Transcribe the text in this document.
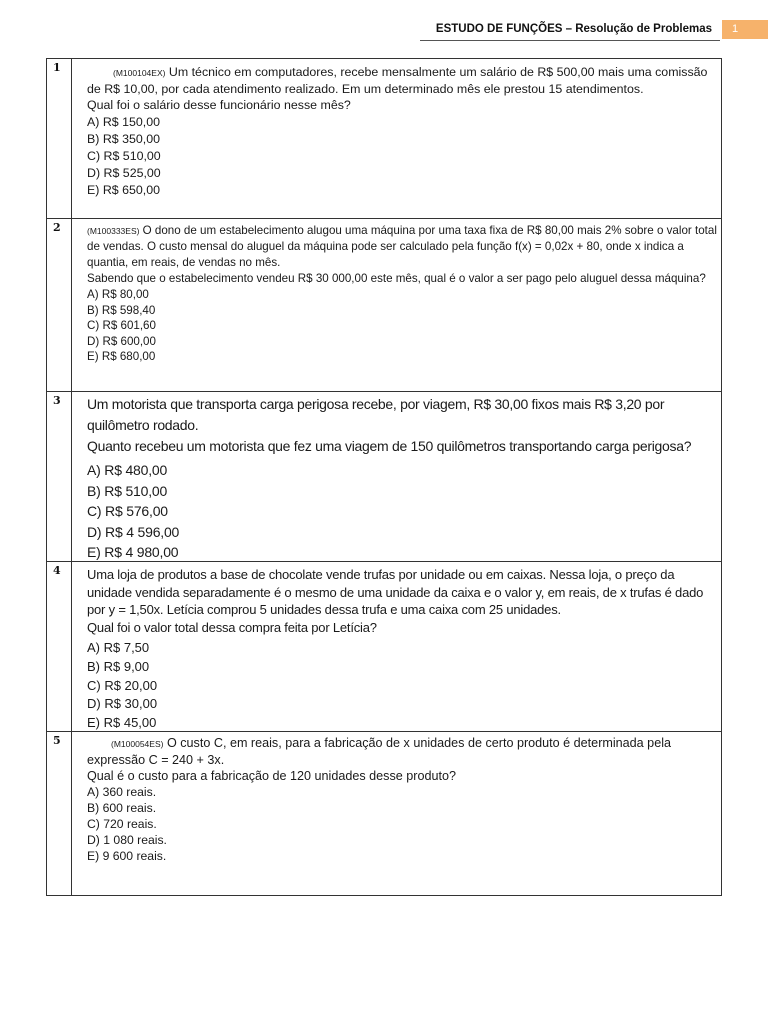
ESTUDO DE FUNÇÕES – Resolução de Problemas 1
1	(M100104EX) Um técnico em computadores, recebe mensalmente um salário de R$ 500,00 mais uma comissão de R$ 10,00, por cada atendimento realizado. Em um determinado mês ele prestou 15 atendimentos.

Qual foi o salário desse funcionário nesse mês?

A) R$ 150,00
B) R$ 350,00
C) R$ 510,00
D) R$ 525,00
E) R$ 650,00
2	(M100333ES) O dono de um estabelecimento alugou uma máquina por uma taxa fixa de R$ 80,00 mais 2% sobre o valor total de vendas. O custo mensal do aluguel da máquina pode ser calculado pela função f(x) = 0,02x + 80, onde x indica a quantia, em reais, de vendas no mês.

Sabendo que o estabelecimento vendeu R$ 30 000,00 este mês, qual é o valor a ser pago pelo aluguel dessa máquina?

A) R$ 80,00
B) R$ 598,40
C) R$ 601,60
D) R$ 600,00
E) R$ 680,00
3 Um motorista que transporta carga perigosa recebe, por viagem, R$ 30,00 fixos mais R$ 3,20 por quilômetro rodado.

Quanto recebeu um motorista que fez uma viagem de 150 quilômetros transportando carga perigosa?

A) R$ 480,00
B) R$ 510,00
C) R$ 576,00
D) R$ 4 596,00
E) R$ 4 980,00
4 Uma loja de produtos a base de chocolate vende trufas por unidade ou em caixas. Nessa loja, o preço da unidade vendida separadamente é o mesmo de uma unidade da caixa e o valor y, em reais, de x trufas é dado por y = 1,50x. Letícia comprou 5 unidades dessa trufa e uma caixa com 25 unidades.

Qual foi o valor total dessa compra feita por Letícia?

A) R$ 7,50
B) R$ 9,00
C) R$ 20,00
D) R$ 30,00
E) R$ 45,00
5	(M100054ES) O custo C, em reais, para a fabricação de x unidades de certo produto é determinada pela expressão C = 240 + 3x.

Qual é o custo para a fabricação de 120 unidades desse produto?

A) 360 reais.
B) 600 reais.
C) 720 reais.
D) 1 080 reais.
E) 9 600 reais.
